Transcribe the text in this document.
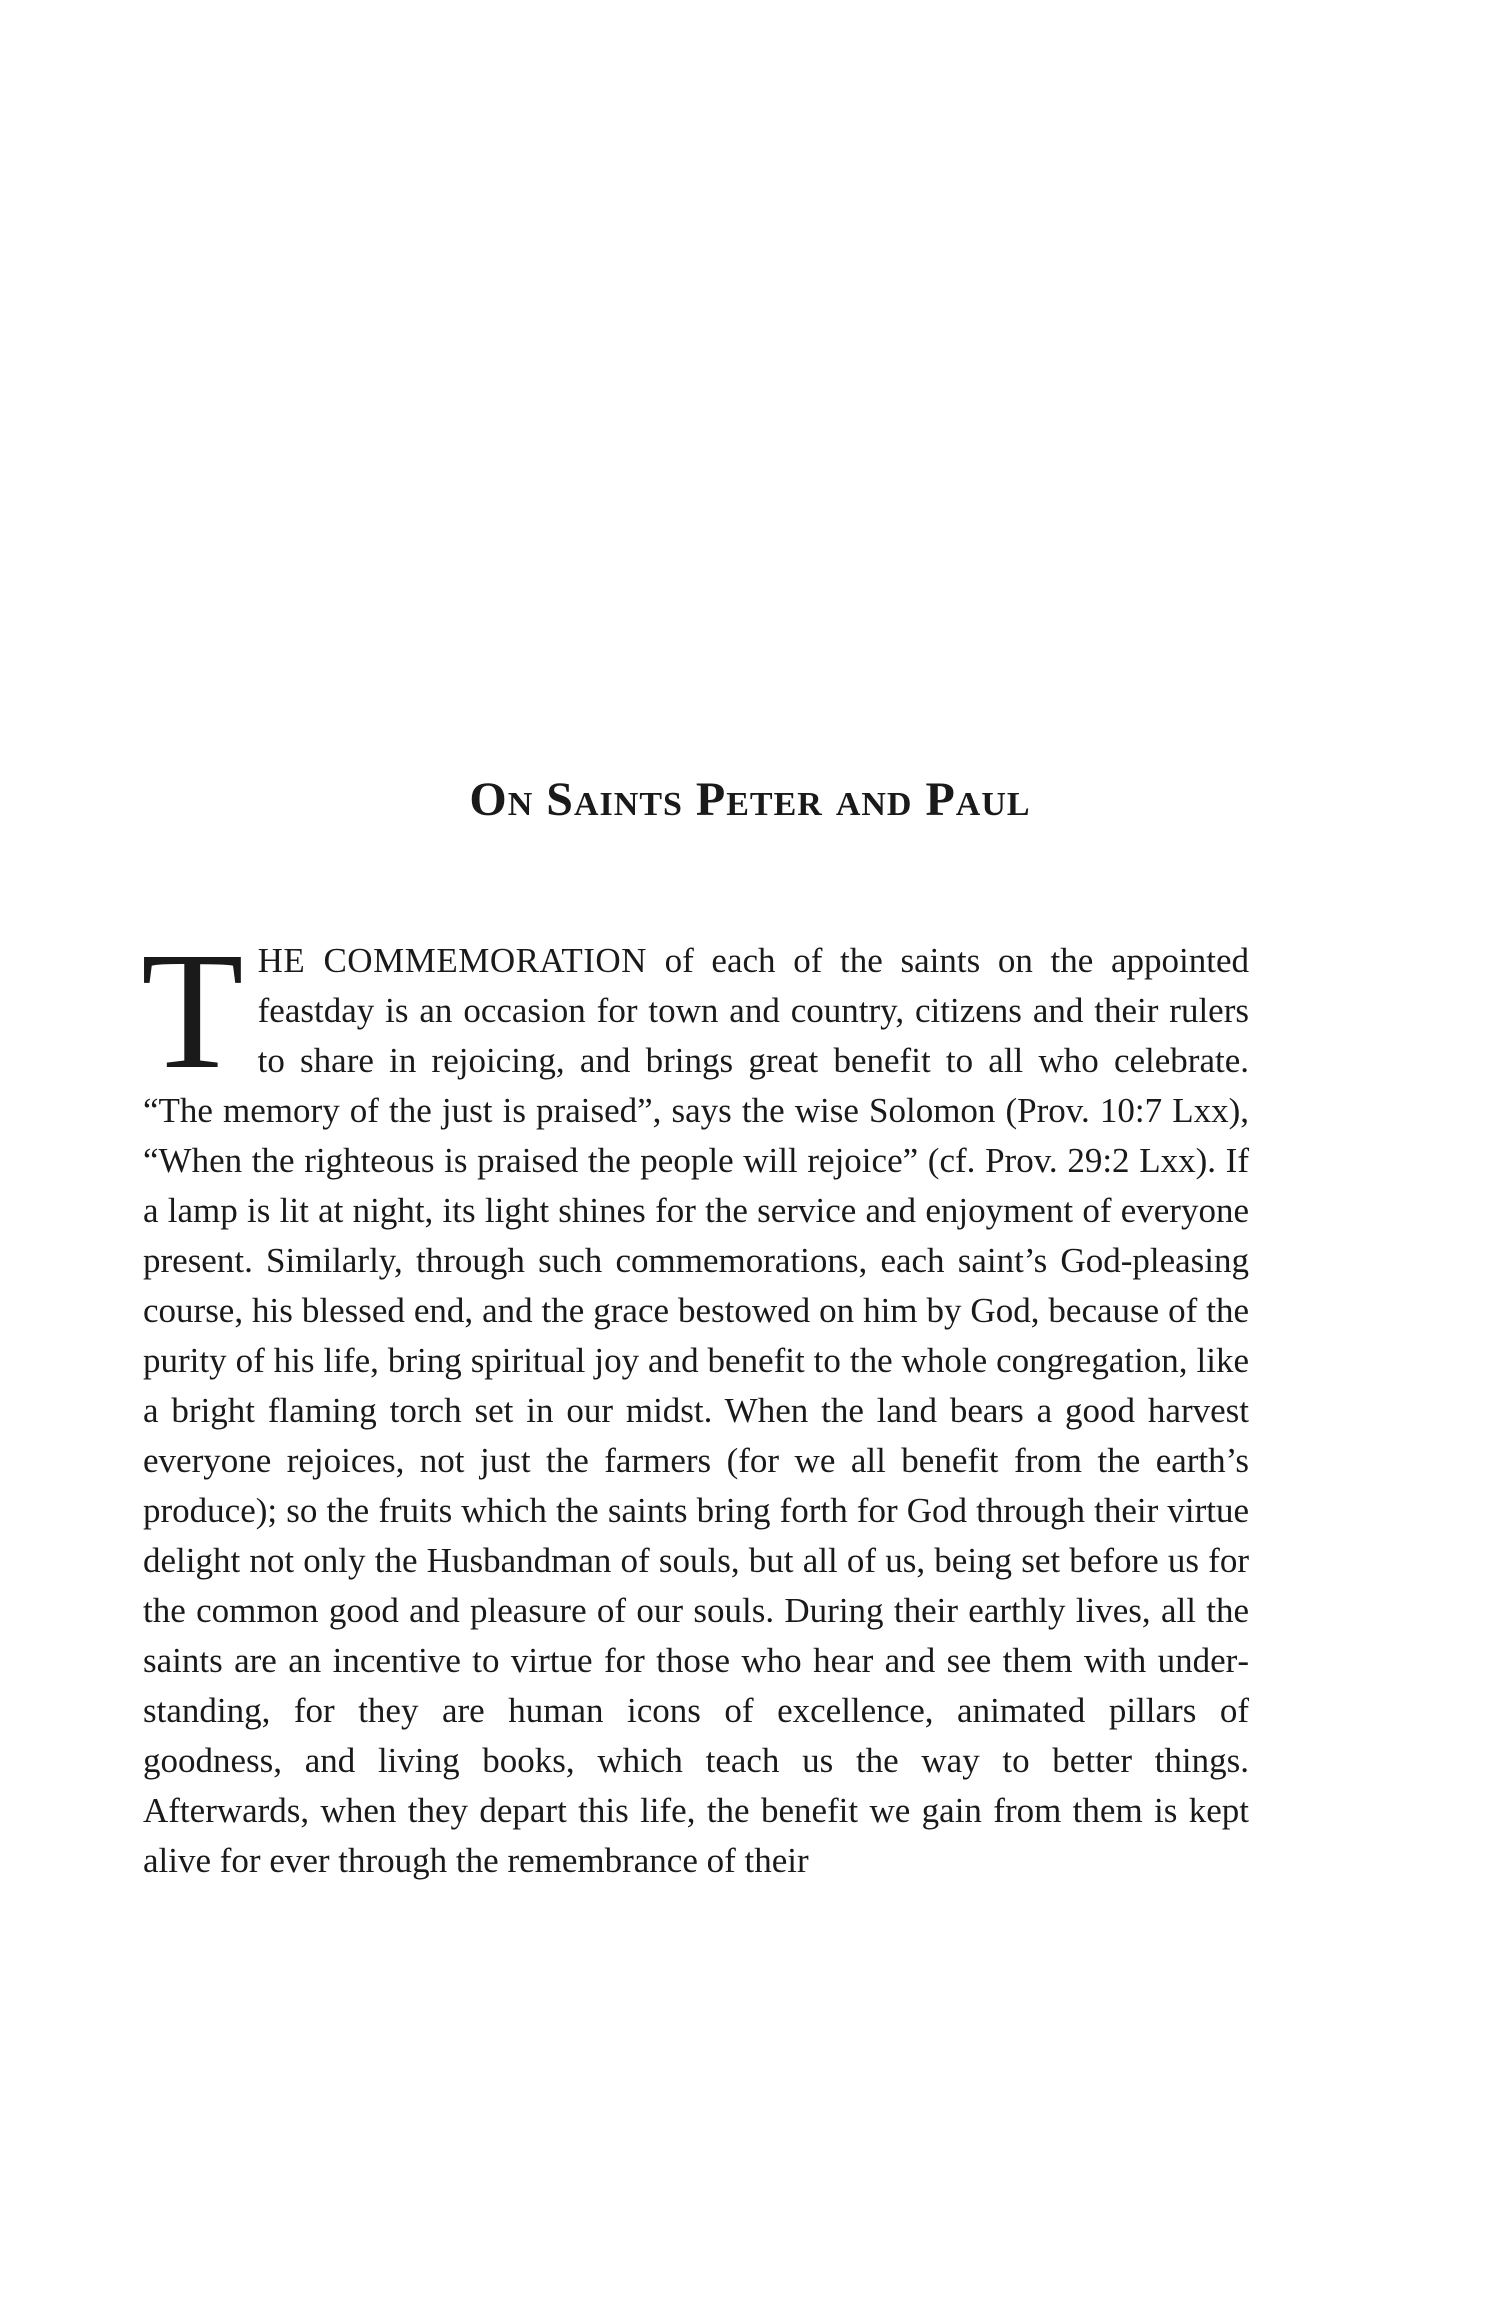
On Saints Peter and Paul

THE COMMEMORATION of each of the saints on the appointed feastday is an occasion for town and country, citizens and their rulers to share in rejoicing, and brings great benefit to all who celebrate. “The memory of the just is praised”, says the wise Solomon (Prov. 10:7 Lxx), “When the righteous is praised the people will rejoice” (cf. Prov. 29:2 Lxx). If a lamp is lit at night, its light shines for the service and enjoyment of everyone present. Similarly, through such commemorations, each saint’s God-pleasing course, his blessed end, and the grace bestowed on him by God, because of the purity of his life, bring spiritual joy and benefit to the whole congregation, like a bright flaming torch set in our midst. When the land bears a good harvest everyone rejoices, not just the farmers (for we all benefit from the earth’s produce); so the fruits which the saints bring forth for God through their virtue delight not only the Husbandman of souls, but all of us, being set before us for the common good and pleasure of our souls. During their earthly lives, all the saints are an incentive to virtue for those who hear and see them with understanding, for they are human icons of excellence, animated pillars of goodness, and living books, which teach us the way to better things. Afterwards, when they depart this life, the benefit we gain from them is kept alive for ever through the remembrance of their
